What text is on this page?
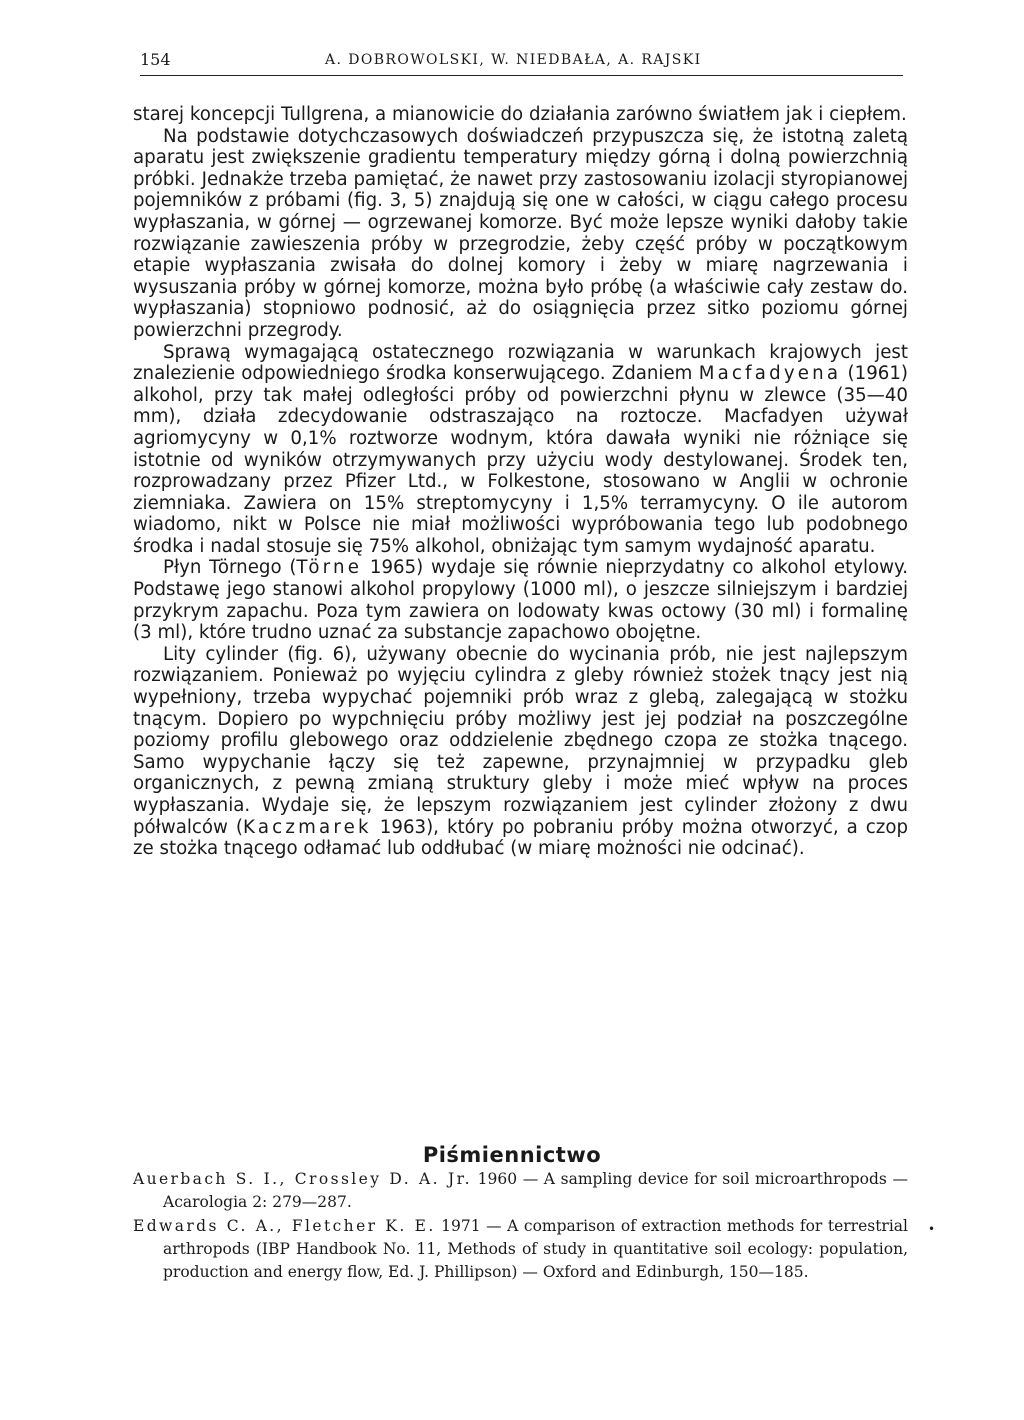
154	A. DOBROWOLSKI, W. NIEDBAŁA, A. RAJSKI

starej koncepcji Tullgrena, a mianowicie do działania zarówno światłem jak i ciepłem.

Na podstawie dotychczasowych doświadczeń przypuszcza się, że istotną zaletą aparatu jest zwiększenie gradientu temperatury między górną i dolną powierzchnią próbki. Jednakże trzeba pamiętać, że nawet przy zastosowaniu izolacji styropianowej pojemników z próbami (fig. 3, 5) znajdują się one w całości, w ciągu całego procesu wypłaszania, w górnej — ogrzewanej komorze. Być może lepsze wyniki dałoby takie rozwiązanie zawieszenia próby w przegrodzie, żeby część próby w początkowym etapie wypłaszania zwisała do dolnej komory i żeby w miarę nagrzewania i wysuszania próby w górnej komorze, można było próbę (a właściwie cały zestaw do. wypłaszania) stopniowo podnosić, aż do osiągnięcia przez sitko poziomu górnej powierzchni przegrody.

Sprawą wymagającą ostatecznego rozwiązania w warunkach krajowych jest znalezienie odpowiedniego środka konserwującego. Zdaniem Macfadyena (1961) alkohol, przy tak małej odległości próby od powierzchni płynu w zlewce (35—40 mm), działa zdecydowanie odstraszająco na roztocze. Macfadyen używał agriomycyny w 0,1% roztworze wodnym, która dawała wyniki nie różniące się istotnie od wyników otrzymywanych przy użyciu wody destylowanej. Środek ten, rozprowadzany przez Pfizer Ltd., w Folkestone, stosowano w Anglii w ochronie ziemniaka. Zawiera on 15% streptomycyny i 1,5% terramycyny. O ile autorom wiadomo, nikt w Polsce nie miał możliwości wypróbowania tego lub podobnego środka i nadal stosuje się 75% alkohol, obniżając tym samym wydajność aparatu.

Płyn Törnego (Törne 1965) wydaje się równie nieprzydatny co alkohol etylowy. Podstawę jego stanowi alkohol propylowy (1000 ml), o jeszcze silniejszym i bardziej przykrym zapachu. Poza tym zawiera on lodowaty kwas octowy (30 ml) i formalinę (3 ml), które trudno uznać za substancje zapachowo obojętne.

Lity cylinder (fig. 6), używany obecnie do wycinania prób, nie jest najlepszym rozwiązaniem. Ponieważ po wyjęciu cylindra z gleby również stożek tnący jest nią wypełniony, trzeba wypychać pojemniki prób wraz z glebą, zalegającą w stożku tnącym. Dopiero po wypchnięciu próby możliwy jest jej podział na poszczególne poziomy profilu glebowego oraz oddzielenie zbędnego czopa ze stożka tnącego. Samo wypychanie łączy się też zapewne, przynajmniej w przypadku gleb organicznych, z pewną zmianą struktury gleby i może mieć wpływ na proces wypłaszania. Wydaje się, że lepszym rozwiązaniem jest cylinder złożony z dwu półwalców (Kaczmarek 1963), który po pobraniu próby można otworzyć, a czop ze stożka tnącego odłamać lub oddłubać (w miarę możności nie odcinać).

Piśmiennictwo

Auerbach S. I., Crossley D. A. Jr. 1960 — A sampling device for soil microarthropods — Acarologia 2: 279—287.

Edwards C. A., Fletcher K. E. 1971 — A comparison of extraction methods for terrestrial arthropods (IBP Handbook No. 11, Methods of study in quantitative soil ecology: population, production and energy flow, Ed. J. Phillipson) — Oxford and Edinburgh, 150—185.

•
